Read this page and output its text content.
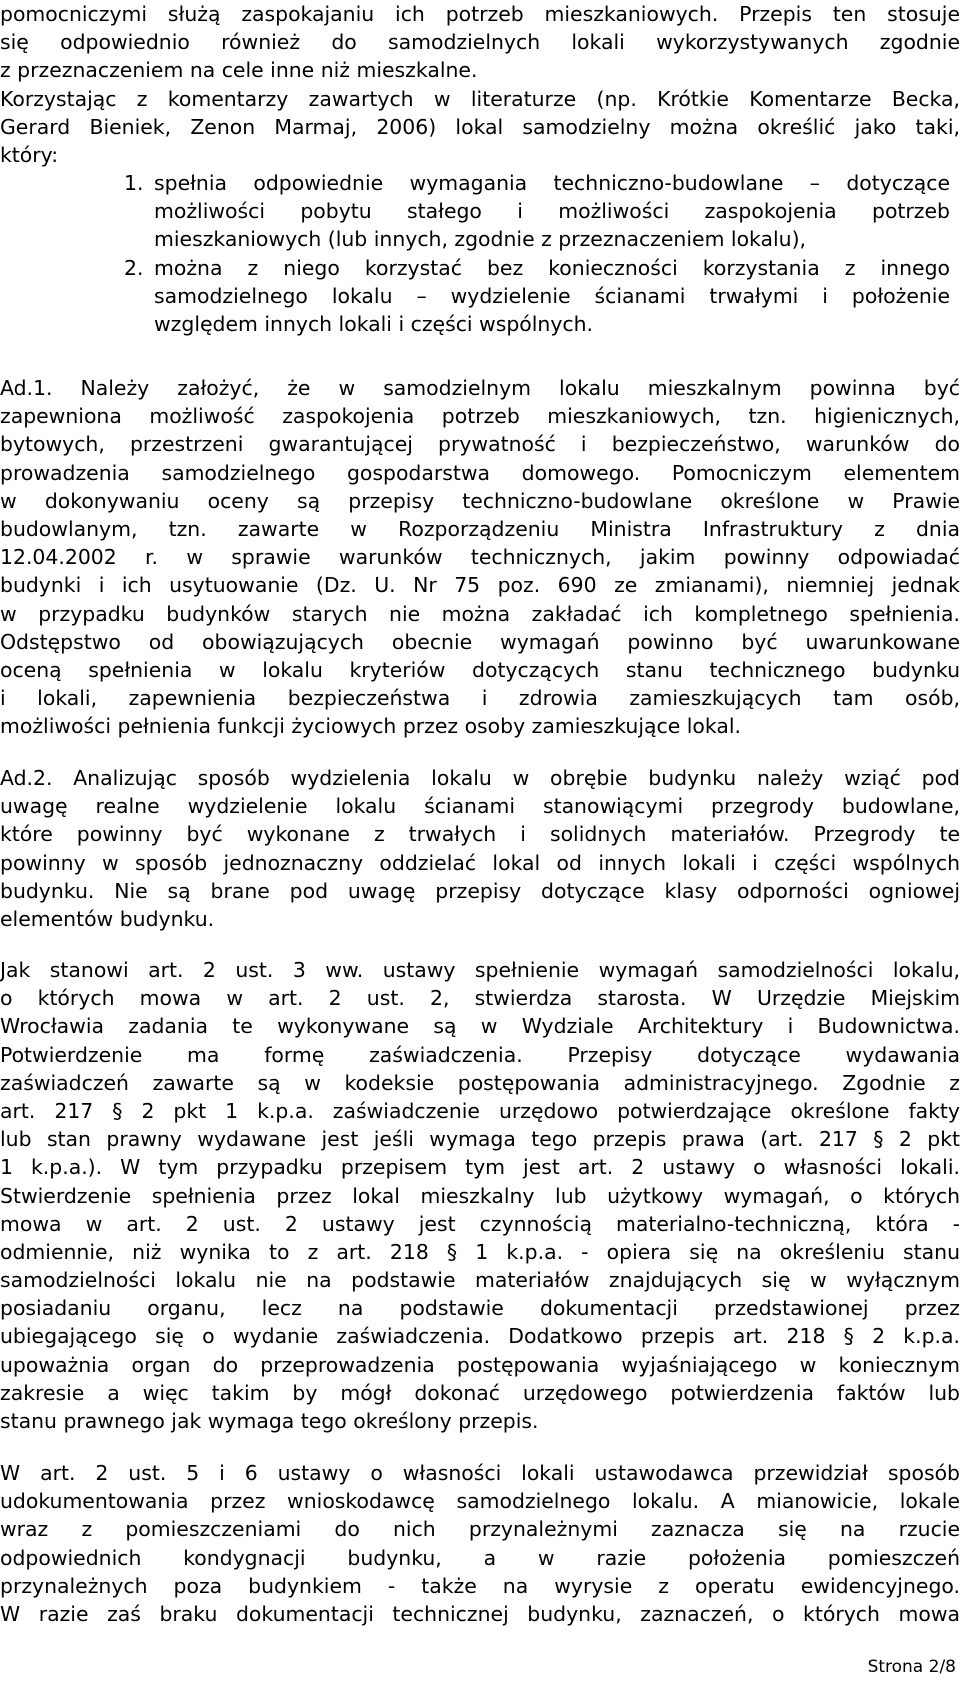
pomocniczymi służą zaspokajaniu ich potrzeb mieszkaniowych. Przepis ten stosuje
się odpowiednio również do samodzielnych lokali wykorzystywanych zgodnie
z przeznaczeniem na cele inne niż mieszkalne.
Korzystając z komentarzy zawartych w literaturze (np. Krótkie Komentarze Becka,
Gerard Bieniek, Zenon Marmaj, 2006) lokal samodzielny można określić jako taki,
który:
1. spełnia odpowiednie wymagania techniczno-budowlane – dotyczące
możliwości pobytu stałego i możliwości zaspokojenia potrzeb
mieszkaniowych (lub innych, zgodnie z przeznaczeniem lokalu),
2. można z niego korzystać bez konieczności korzystania z innego
samodzielnego lokalu – wydzielenie ścianami trwałymi i położenie
względem innych lokali i części wspólnych.
Ad.1. Należy założyć, że w samodzielnym lokalu mieszkalnym powinna być
zapewniona możliwość zaspokojenia potrzeb mieszkaniowych, tzn. higienicznych,
bytowych, przestrzeni gwarantującej prywatność i bezpieczeństwo, warunków do
prowadzenia samodzielnego gospodarstwa domowego. Pomocniczym elementem
w dokonywaniu oceny są przepisy techniczno-budowlane określone w Prawie
budowlanym, tzn. zawarte w Rozporządzeniu Ministra Infrastruktury z dnia
12.04.2002 r. w sprawie warunków technicznych, jakim powinny odpowiadać
budynki i ich usytuowanie (Dz. U. Nr 75 poz. 690 ze zmianami), niemniej jednak
w przypadku budynków starych nie można zakładać ich kompletnego spełnienia.
Odstępstwo od obowiązujących obecnie wymagań powinno być uwarunkowane
oceną spełnienia w lokalu kryteriów dotyczących stanu technicznego budynku
i lokali, zapewnienia bezpieczeństwa i zdrowia zamieszkujących tam osób,
możliwości pełnienia funkcji życiowych przez osoby zamieszkujące lokal.
Ad.2. Analizując sposób wydzielenia lokalu w obrębie budynku należy wziąć pod
uwagę realne wydzielenie lokalu ścianami stanowiącymi przegrody budowlane,
które powinny być wykonane z trwałych i solidnych materiałów. Przegrody te
powinny w sposób jednoznaczny oddzielać lokal od innych lokali i części wspólnych
budynku. Nie są brane pod uwagę przepisy dotyczące klasy odporności ogniowej
elementów budynku.
Jak stanowi art. 2 ust. 3 ww. ustawy spełnienie wymagań samodzielności lokalu,
o których mowa w art. 2 ust. 2, stwierdza starosta. W Urzędzie Miejskim
Wrocławia zadania te wykonywane są w Wydziale Architektury i Budownictwa.
Potwierdzenie ma formę zaświadczenia. Przepisy dotyczące wydawania
zaświadczeń zawarte są w kodeksie postępowania administracyjnego. Zgodnie z
art. 217 § 2 pkt 1 k.p.a. zaświadczenie urzędowo potwierdzające określone fakty
lub stan prawny wydawane jest jeśli wymaga tego przepis prawa (art. 217 § 2 pkt
1 k.p.a.). W tym przypadku przepisem tym jest art. 2 ustawy o własności lokali.
Stwierdzenie spełnienia przez lokal mieszkalny lub użytkowy wymagań, o których
mowa w art. 2 ust. 2 ustawy jest czynnością materialno-techniczną, która -
odmiennie, niż wynika to z art. 218 § 1 k.p.a. - opiera się na określeniu stanu
samodzielności lokalu nie na podstawie materiałów znajdujących się w wyłącznym
posiadaniu organu, lecz na podstawie dokumentacji przedstawionej przez
ubiegającego się o wydanie zaświadczenia. Dodatkowo przepis art. 218 § 2 k.p.a.
upoważnia organ do przeprowadzenia postępowania wyjaśniającego w koniecznym
zakresie a więc takim by mógł dokonać urzędowego potwierdzenia faktów lub
stanu prawnego jak wymaga tego określony przepis.
W art. 2 ust. 5 i 6 ustawy o własności lokali ustawodawca przewidział sposób
udokumentowania przez wnioskodawcę samodzielnego lokalu. A mianowicie, lokale
wraz z pomieszczeniami do nich przynależnymi zaznacza się na rzucie
odpowiednich kondygnacji budynku, a w razie położenia pomieszczeń
przynależnych poza budynkiem - także na wyrysie z operatu ewidencyjnego.
W razie zaś braku dokumentacji technicznej budynku, zaznaczeń, o których mowa
Strona 2/8
